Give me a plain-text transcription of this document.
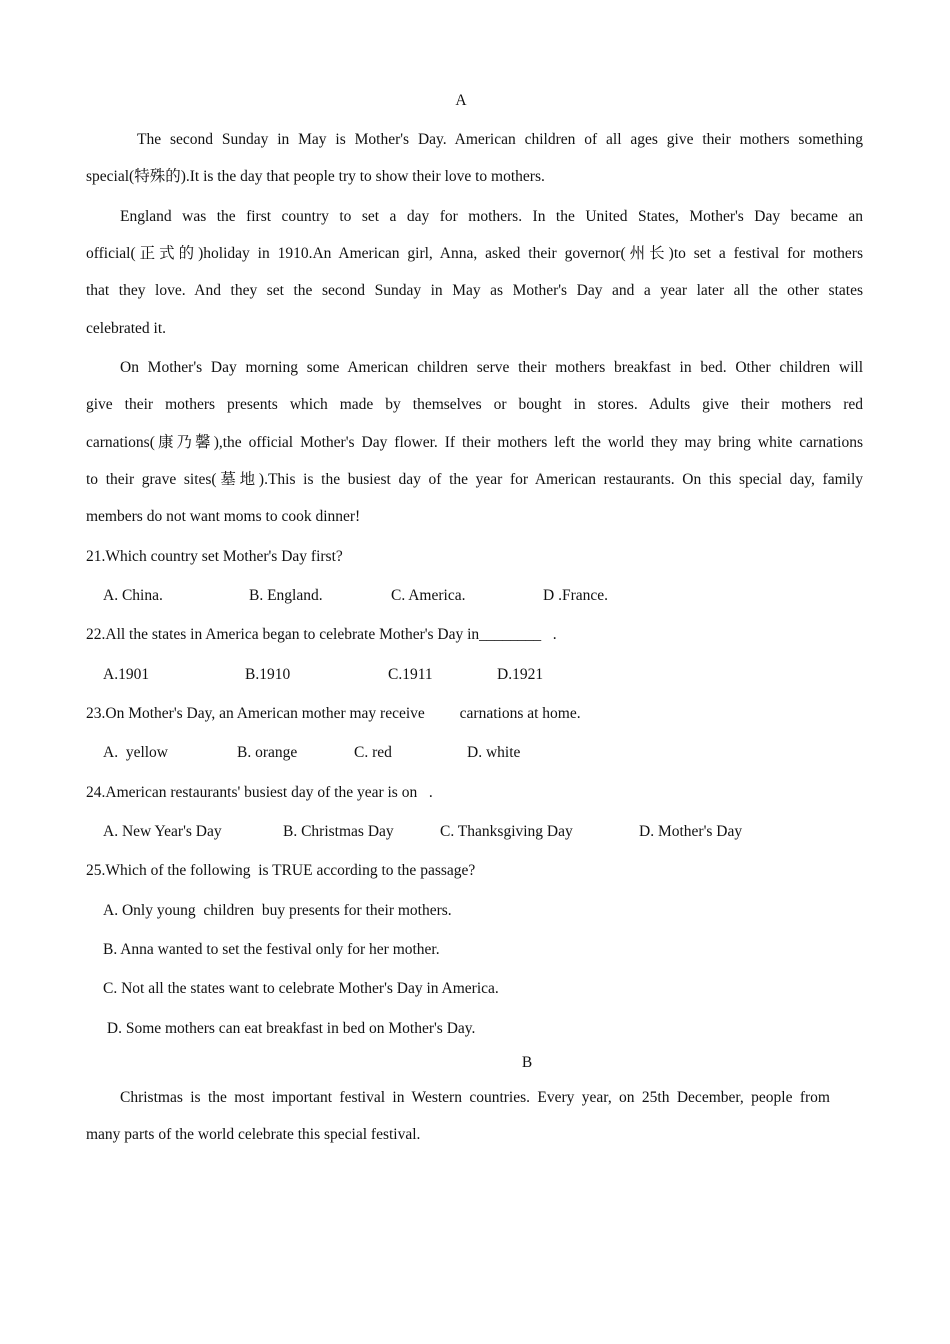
A
The second Sunday in May is Mother's Day. American children of all ages give their mothers something
special(特殊的).It is the day that people try to show their love to mothers.
England was the first country to set a day for mothers. In the United States, Mother's Day became an
official(正式的)holiday in 1910.An American girl, Anna, asked their governor(州长)to set a festival for mothers
that they love. And they set the second Sunday in May as Mother's Day and a year later all the other states
celebrated it.
On Mother's Day morning some American children serve their mothers breakfast in bed. Other children will
give their mothers presents which made by themselves or bought in stores. Adults give their mothers red
carnations(康乃馨),the official Mother's Day flower. If their mothers left the world they may bring white carnations
to their grave sites(墓地).This is the busiest day of the year for American restaurants. On this special day, family
members do not want moms to cook dinner!
21.Which country set Mother's Day first?
A. China.	B. England.	C. America.	D .France.
22.All the states in America began to celebrate Mother's Day in________   .
A.1901	B.1910	C.1911	D.1921
23.On Mother's Day, an American mother may receive         carnations at home.
A.  yellow	B. orange	C. red	D. white
24.American restaurants' busiest day of the year is on   .
A. New Year's Day	B. Christmas Day	C. Thanksgiving Day	D. Mother's Day
25.Which of the following  is TRUE according to the passage?
A. Only young  children  buy presents for their mothers.
B. Anna wanted to set the festival only for her mother.
C. Not all the states want to celebrate Mother's Day in America.
D. Some mothers can eat breakfast in bed on Mother's Day.
B
Christmas is the most important festival in Western countries. Every year, on 25th December, people from
many parts of the world celebrate this special festival.
